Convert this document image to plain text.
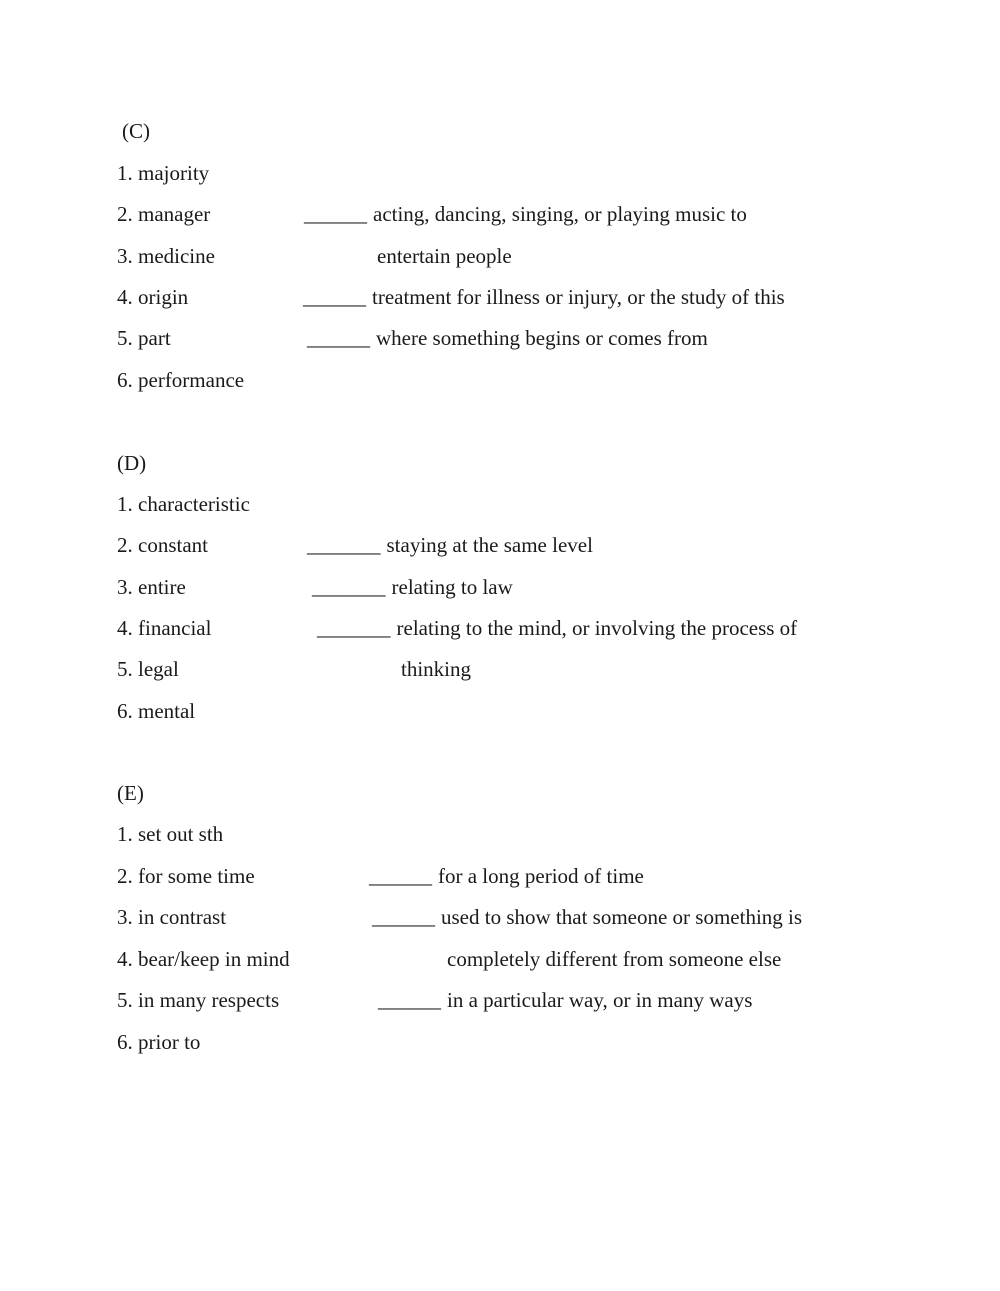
(C)
1. majority
2. manager
3. medicine
4. origin
5. part
6. performance
______ acting, dancing, singing, or playing music to
entertain people
______ treatment for illness or injury, or the study of this
______ where something begins or comes from
(D)
1. characteristic
2. constant
3. entire
4. financial
5. legal
6. mental
_______ staying at the same level
_______ relating to law
_______ relating to the mind, or involving the process of
thinking
(E)
1. set out sth
2. for some time
3. in contrast
4. bear/keep in mind
5. in many respects
6. prior to
______ for a long period of time
______ used to show that someone or something is
completely different from someone else
______ in a particular way, or in many ways
